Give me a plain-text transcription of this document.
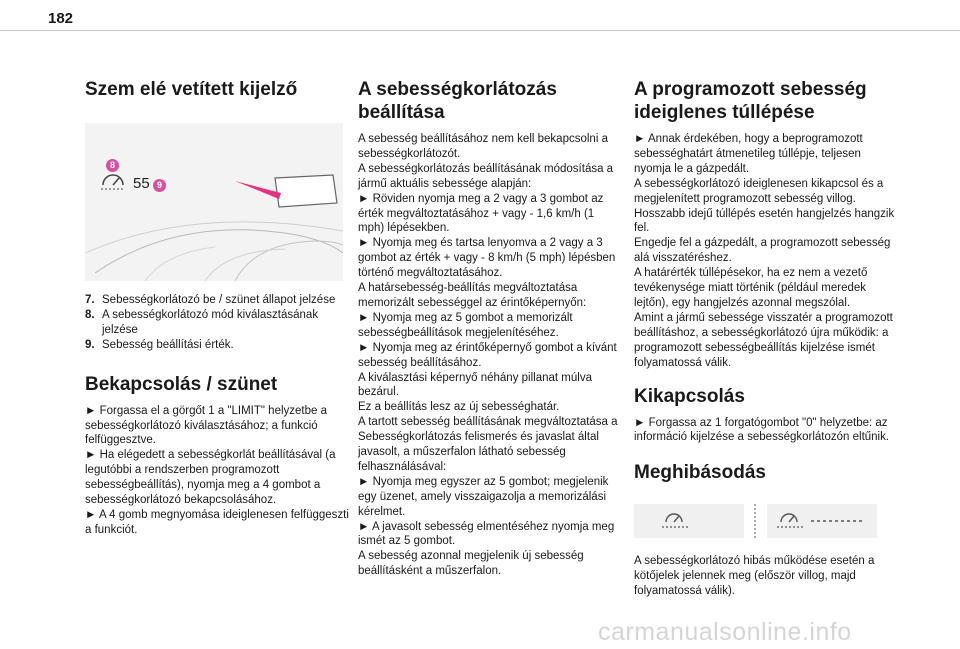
182
Szem elé vetített kijelző
55
8
9
7. Sebességkorlátozó be / szünet állapot jelzése
8. A sebességkorlátozó mód kiválasztásának jelzése
9. Sebesség beállítási érték.
Bekapcsolás / szünet

► Forgassa el a görgőt 1 a "LIMIT" helyzetbe a sebességkorlátozó kiválasztásához; a funkció felfüggesztve.

► Ha elégedett a sebességkorlát beállításával (a legutóbbi a rendszerben programozott sebességbeállítás), nyomja meg a 4 gombot a sebességkorlátozó bekapcsolásához.

► A 4 gomb megnyomása ideiglenesen felfüggeszti a funkciót.

A sebességkorlátozás beállítása

A sebesség beállításához nem kell bekapcsolni a sebességkorlátozót.

A sebességkorlátozás beállításának módosítása a jármű aktuális sebessége alapján:

► Röviden nyomja meg a 2 vagy a 3 gombot az érték megváltoztatásához + vagy - 1,6 km/h (1 mph) lépésekben.

► Nyomja meg és tartsa lenyomva a 2 vagy a 3 gombot az érték + vagy - 8 km/h (5 mph) lépésben történő megváltoztatásához.

A határsebesség-beállítás megváltoztatása memorizált sebességgel az érintőképernyőn:

► Nyomja meg az 5 gombot a memorizált sebességbeállítások megjelenítéséhez.

► Nyomja meg az érintőképernyő gombot a kívánt sebesség beállításához.

A kiválasztási képernyő néhány pillanat múlva bezárul.

Ez a beállítás lesz az új sebességhatár.

A tartott sebesség beállításának megváltoztatása a Sebességkorlátozás felismerés és javaslat által javasolt, a műszerfalon látható sebesség felhasználásával:

► Nyomja meg egyszer az 5 gombot; megjelenik egy üzenet, amely visszaigazolja a memorizálási kérelmet.

► A javasolt sebesség elmentéséhez nyomja meg ismét az 5 gombot.

A sebesség azonnal megjelenik új sebesség beállításként a műszerfalon.

A programozott sebesség ideiglenes túllépése

► Annak érdekében, hogy a beprogramozott sebességhatárt átmenetileg túllépje, teljesen nyomja le a gázpedált.

A sebességkorlátozó ideiglenesen kikapcsol és a megjelenített programozott sebesség villog.

Hosszabb idejű túllépés esetén hangjelzés hangzik fel.

Engedje fel a gázpedált, a programozott sebesség alá visszatéréshez.

A határérték túllépésekor, ha ez nem a vezető tevékenysége miatt történik (például meredek lejtőn), egy hangjelzés azonnal megszólal.

Amint a jármű sebessége visszatér a programozott beállításhoz, a sebességkorlátozó újra működik: a programozott sebességbeállítás kijelzése ismét folyamatossá válik.

Kikapcsolás

► Forgassa az 1 forgatógombot "0" helyzetbe: az információ kijelzése a sebességkorlátozón eltűnik.

Meghibásodás

A sebességkorlátozó hibás működése esetén a kötőjelek jelennek meg (először villog, majd folyamatossá válik).

carmanualsonline.info
